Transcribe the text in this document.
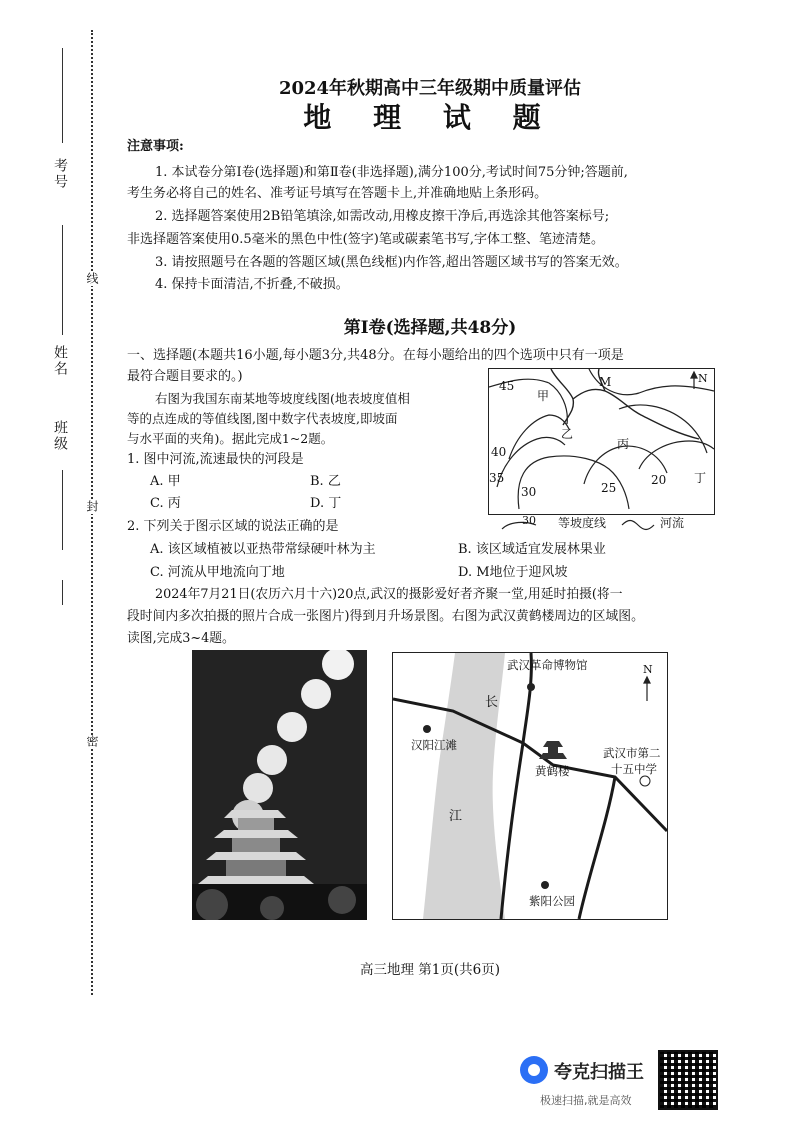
考号
姓名
班级
线
封
密
2024年秋期高中三年级期中质量评估
地 理 试 题
注意事项:
1. 本试卷分第Ⅰ卷(选择题)和第Ⅱ卷(非选择题),满分100分,考试时间75分钟;答题前,
考生务必将自己的姓名、准考证号填写在答题卡上,并准确地贴上条形码。
2. 选择题答案使用2B铅笔填涂,如需改动,用橡皮擦干净后,再选涂其他答案标号;
非选择题答案使用0.5毫米的黑色中性(签字)笔或碳素笔书写,字体工整、笔迹清楚。
3. 请按照题号在各题的答题区域(黑色线框)内作答,超出答题区域书写的答案无效。
4. 保持卡面清洁,不折叠,不破损。
第Ⅰ卷(选择题,共48分)
一、选择题(本题共16小题,每小题3分,共48分。在每小题给出的四个选项中只有一项是
最符合题目要求的。)
右图为我国东南某地等坡度线图(地表坡度值相
等的点连成的等值线图,图中数字代表坡度,即坡面
与水平面的夹角)。据此完成1~2题。
1. 图中河流,流速最快的河段是
A. 甲	B. 乙
C. 丙	D. 丁
2. 下列关于图示区域的说法正确的是
A. 该区域植被以亚热带常绿硬叶林为主	B. 该区域适宜发展林果业
C. 河流从甲地流向丁地	D. M地位于迎风坡
45
40
35
30	25
20
甲
乙
丙
丁
M	N
30 等坡度线	河流
2024年7月21日(农历六月十六)20点,武汉的摄影爱好者齐聚一堂,用延时拍摄(将一
段时间内多次拍摄的照片合成一张图片)得到月升场景图。右图为武汉黄鹤楼周边的区域图。
读图,完成3~4题。
武汉革命博物馆
长
江
汉阳江滩
黄鹤楼
武汉市第二
十五中学
紫阳公园
N
高三地理 第1页(共6页)
夸克扫描王
极速扫描,就是高效
